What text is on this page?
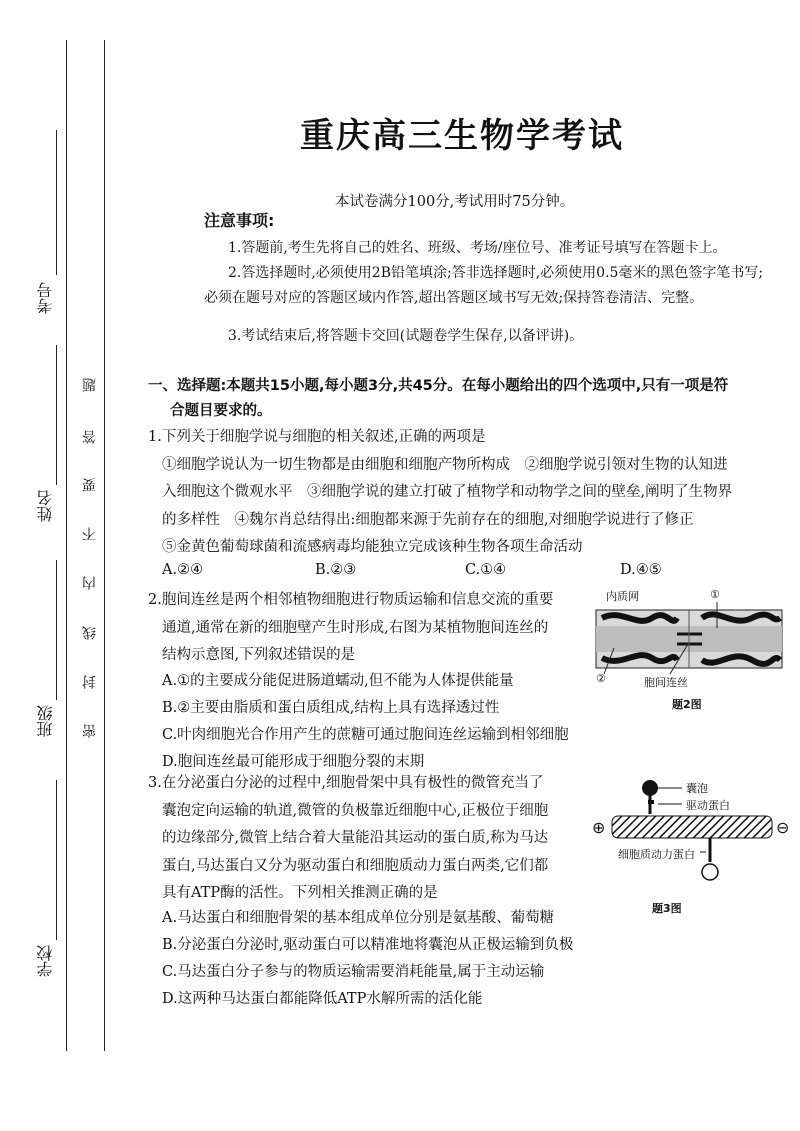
考号
姓名
班级
学校
题
答
要
不
内
线
封
密
重庆高三生物学考试
本试卷满分100分,考试用时75分钟。
注意事项:
1.答题前,考生先将自己的姓名、班级、考场/座位号、准考证号填写在答题卡上。
2.答选择题时,必须使用2B铅笔填涂;答非选择题时,必须使用0.5毫米的黑色签字笔书写;必须在题号对应的答题区域内作答,超出答题区域书写无效;保持答卷清洁、完整。
3.考试结束后,将答题卡交回(试题卷学生保存,以备评讲)。
一、选择题:本题共15小题,每小题3分,共45分。在每小题给出的四个选项中,只有一项是符
合题目要求的。
1.下列关于细胞学说与细胞的相关叙述,正确的两项是
①细胞学说认为一切生物都是由细胞和细胞产物所构成　②细胞学说引领对生物的认知进
入细胞这个微观水平　③细胞学说的建立打破了植物学和动物学之间的壁垒,阐明了生物界
的多样性　④魏尔肖总结得出:细胞都来源于先前存在的细胞,对细胞学说进行了修正
⑤金黄色葡萄球菌和流感病毒均能独立完成该种生物各项生命活动
A.②④	B.②③	C.①④	D.④⑤
2.胞间连丝是两个相邻植物细胞进行物质运输和信息交流的重要
通道,通常在新的细胞壁产生时形成,右图为某植物胞间连丝的
结构示意图,下列叙述错误的是
A.①的主要成分能促进肠道蠕动,但不能为人体提供能量
B.②主要由脂质和蛋白质组成,结构上具有选择透过性
C.叶肉细胞光合作用产生的蔗糖可通过胞间连丝运输到相邻细胞
D.胞间连丝最可能形成于细胞分裂的末期
内质网	①
②	胞间连丝
题2图
3.在分泌蛋白分泌的过程中,细胞骨架中具有极性的微管充当了
囊泡定向运输的轨道,微管的负极靠近细胞中心,正极位于细胞
的边缘部分,微管上结合着大量能沿其运动的蛋白质,称为马达
蛋白,马达蛋白又分为驱动蛋白和细胞质动力蛋白两类,它们都
具有ATP酶的活性。下列相关推测正确的是
A.马达蛋白和细胞骨架的基本组成单位分别是氨基酸、葡萄糖
B.分泌蛋白分泌时,驱动蛋白可以精准地将囊泡从正极运输到负极
C.马达蛋白分子参与的物质运输需要消耗能量,属于主动运输
D.这两种马达蛋白都能降低ATP水解所需的活化能
囊泡
驱动蛋白
⊕	⊖
细胞质动力蛋白
题3图
